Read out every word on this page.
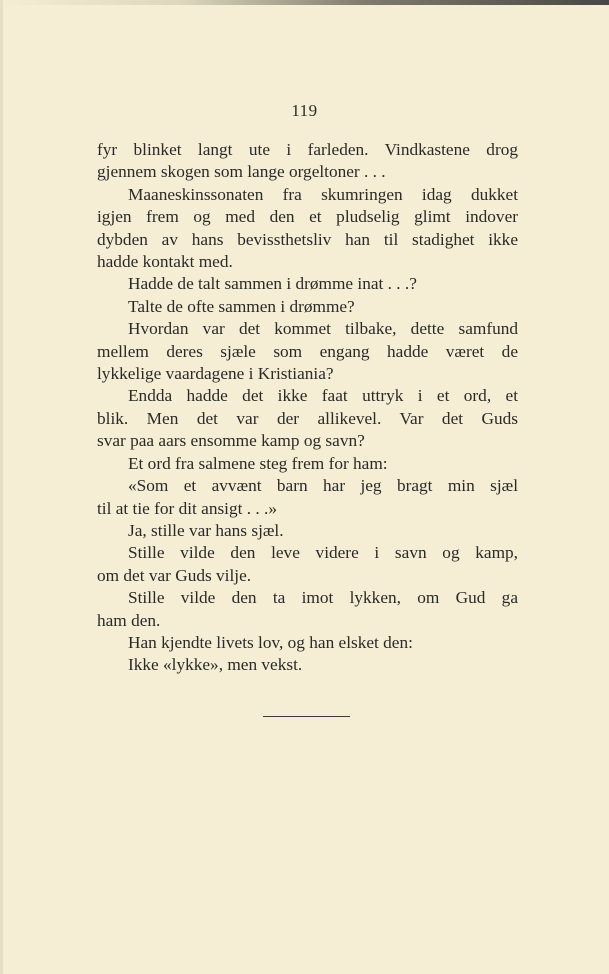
119
fyr blinket langt ute i farleden. Vindkastene drog
gjennem skogen som lange orgeltoner . . .
Maaneskinssonaten fra skumringen idag dukket
igjen frem og med den et pludselig glimt indover
dybden av hans bevissthetsliv han til stadighet ikke
hadde kontakt med.
Hadde de talt sammen i drømme inat . . .?
Talte de ofte sammen i drømme?
Hvordan var det kommet tilbake, dette samfund
mellem deres sjæle som engang hadde været de
lykkelige vaardagene i Kristiania?
Endda hadde det ikke faat uttryk i et ord, et
blik. Men det var der allikevel. Var det Guds
svar paa aars ensomme kamp og savn?
Et ord fra salmene steg frem for ham:
«Som et avvænt barn har jeg bragt min sjæl
til at tie for dit ansigt . . .»
Ja, stille var hans sjæl.
Stille vilde den leve videre i savn og kamp,
om det var Guds vilje.
Stille vilde den ta imot lykken, om Gud ga
ham den.
Han kjendte livets lov, og han elsket den:
Ikke «lykke», men vekst.
